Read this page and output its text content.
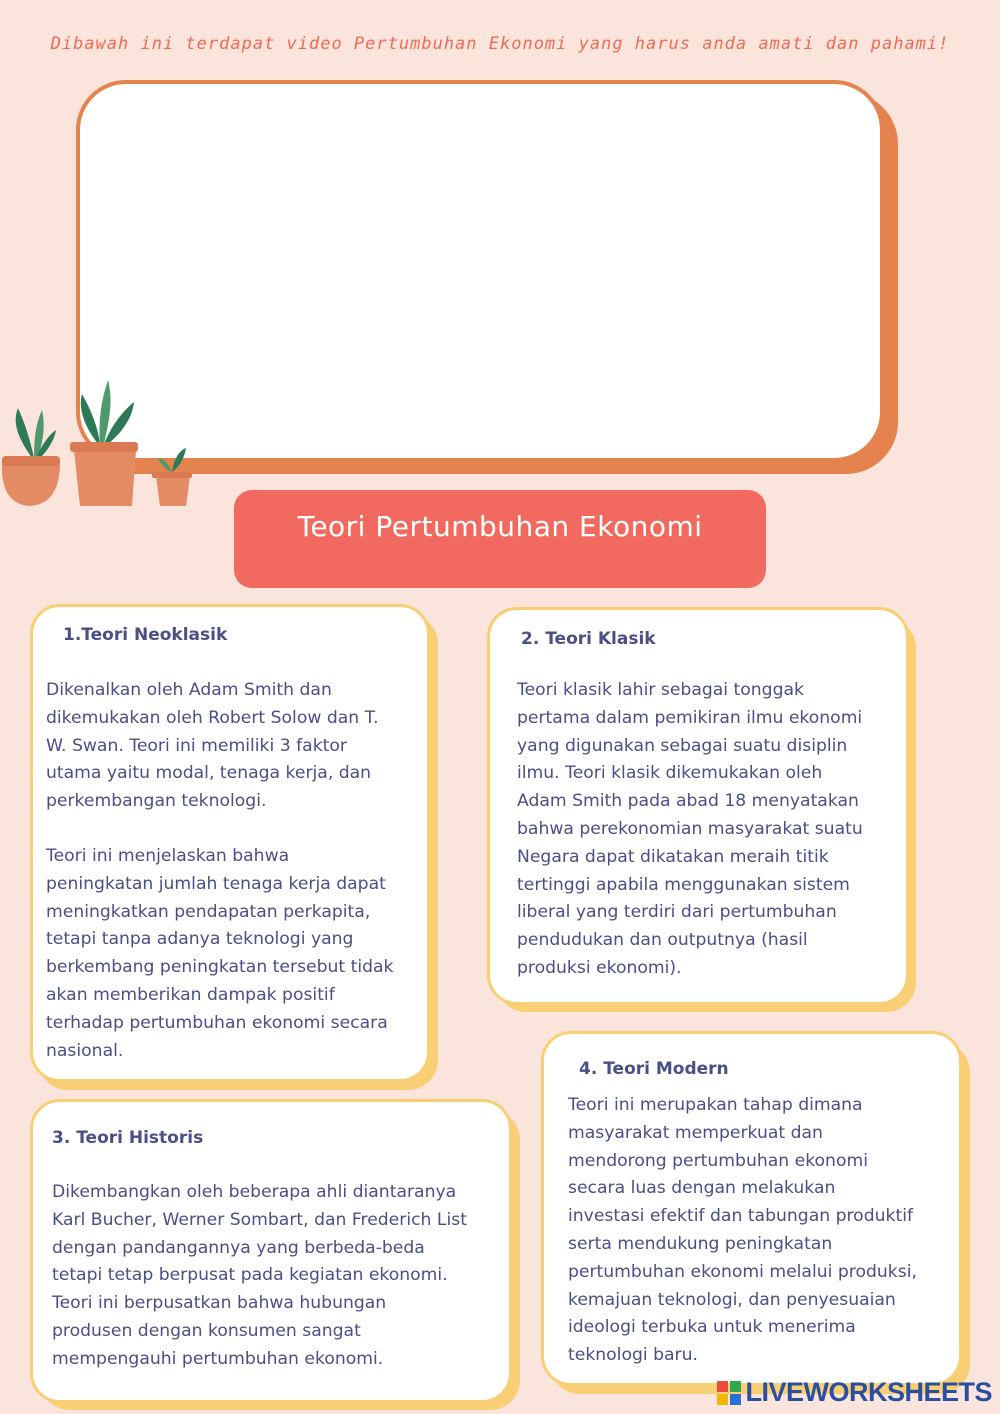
Dibawah ini terdapat video Pertumbuhan Ekonomi yang harus anda amati dan pahami!
Teori Pertumbuhan Ekonomi
1.Teori Neoklasik

Dikenalkan oleh Adam Smith dan
dikemukakan oleh Robert Solow dan T.
W. Swan. Teori ini memiliki 3 faktor
utama yaitu modal, tenaga kerja, dan
perkembangan teknologi.

Teori ini menjelaskan bahwa
peningkatan jumlah tenaga kerja dapat
meningkatkan pendapatan perkapita,
tetapi tanpa adanya teknologi yang
berkembang peningkatan tersebut tidak
akan memberikan dampak positif
terhadap pertumbuhan ekonomi secara
nasional.

2. Teori Klasik

Teori klasik lahir sebagai tonggak
pertama dalam pemikiran ilmu ekonomi
yang digunakan sebagai suatu disiplin
ilmu. Teori klasik dikemukakan oleh
Adam Smith pada abad 18 menyatakan
bahwa perekonomian masyarakat suatu
Negara dapat dikatakan meraih titik
tertinggi apabila menggunakan sistem
liberal yang terdiri dari pertumbuhan
pendudukan dan outputnya (hasil
produksi ekonomi).

3. Teori Historis

Dikembangkan oleh beberapa ahli diantaranya
Karl Bucher, Werner Sombart, dan Frederich List
dengan pandangannya yang berbeda-beda
tetapi tetap berpusat pada kegiatan ekonomi.
Teori ini berpusatkan bahwa hubungan
produsen dengan konsumen sangat
mempengauhi pertumbuhan ekonomi.

4. Teori Modern

Teori ini merupakan tahap dimana
masyarakat memperkuat dan
mendorong pertumbuhan ekonomi
secara luas dengan melakukan
investasi efektif dan tabungan produktif
serta mendukung peningkatan
pertumbuhan ekonomi melalui produksi,
kemajuan teknologi, dan penyesuaian
ideologi terbuka untuk menerima
teknologi baru.

LIVEWORKSHEETS
